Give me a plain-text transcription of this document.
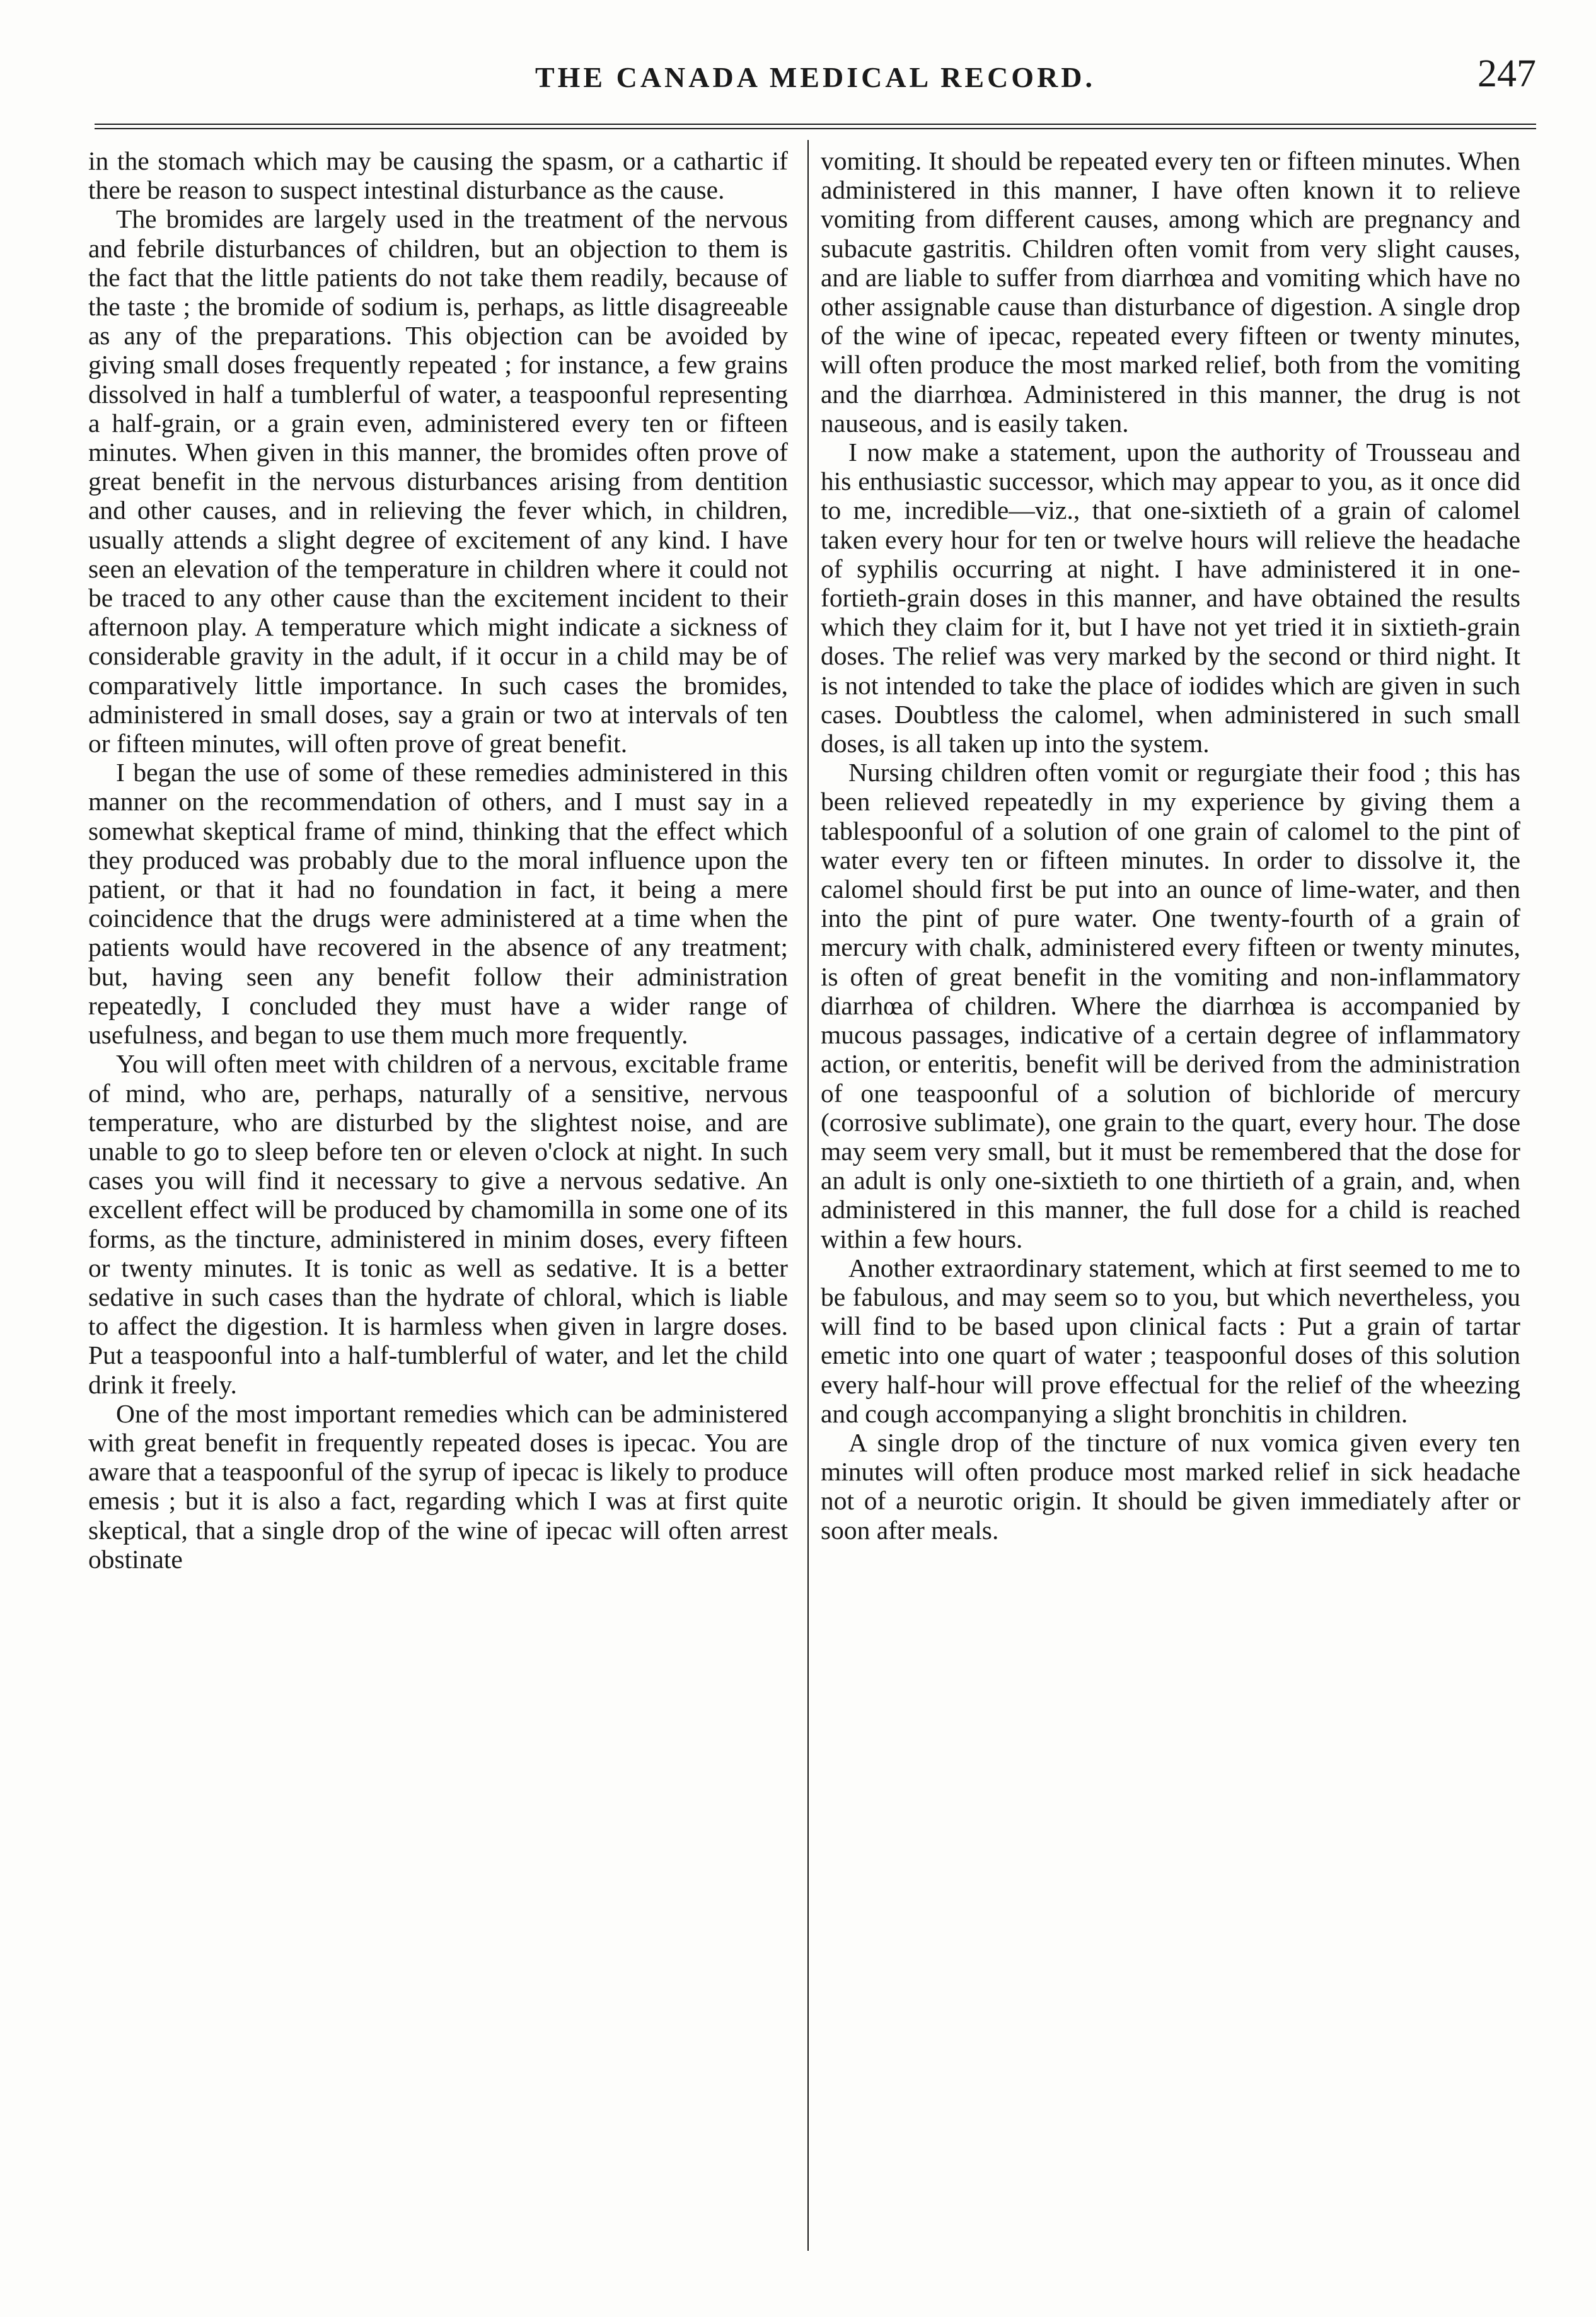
THE CANADA MEDICAL RECORD.	247

in the stomach which may be causing the spasm, or a cathartic if there be reason to suspect intestinal disturbance as the cause.

The bromides are largely used in the treatment of the nervous and febrile disturbances of children, but an objection to them is the fact that the little patients do not take them readily, because of the taste ; the bromide of sodium is, perhaps, as little disagreeable as any of the preparations. This objection can be avoided by giving small doses frequently repeated ; for instance, a few grains dissolved in half a tumblerful of water, a teaspoonful representing a half-grain, or a grain even, administered every ten or fifteen minutes. When given in this manner, the bromides often prove of great benefit in the nervous disturbances arising from dentition and other causes, and in relieving the fever which, in children, usually attends a slight degree of excitement of any kind. I have seen an elevation of the temperature in children where it could not be traced to any other cause than the excitement incident to their afternoon play. A temperature which might indicate a sickness of considerable gravity in the adult, if it occur in a child may be of comparatively little importance. In such cases the bromides, administered in small doses, say a grain or two at intervals of ten or fifteen minutes, will often prove of great benefit.

I began the use of some of these remedies administered in this manner on the recommendation of others, and I must say in a somewhat skeptical frame of mind, thinking that the effect which they produced was probably due to the moral influence upon the patient, or that it had no foundation in fact, it being a mere coincidence that the drugs were administered at a time when the patients would have recovered in the absence of any treatment; but, having seen any benefit follow their administration repeatedly, I concluded they must have a wider range of usefulness, and began to use them much more frequently.

You will often meet with children of a nervous, excitable frame of mind, who are, perhaps, naturally of a sensitive, nervous temperature, who are disturbed by the slightest noise, and are unable to go to sleep before ten or eleven o'clock at night. In such cases you will find it necessary to give a nervous sedative. An excellent effect will be produced by chamomilla in some one of its forms, as the tincture, administered in minim doses, every fifteen or twenty minutes. It is tonic as well as sedative. It is a better sedative in such cases than the hydrate of chloral, which is liable to affect the digestion. It is harmless when given in largre doses. Put a teaspoonful into a half-tumblerful of water, and let the child drink it freely.

One of the most important remedies which can be administered with great benefit in frequently repeated doses is ipecac. You are aware that a teaspoonful of the syrup of ipecac is likely to produce emesis ; but it is also a fact, regarding which I was at first quite skeptical, that a single drop of the wine of ipecac will often arrest obstinate

vomiting. It should be repeated every ten or fifteen minutes. When administered in this manner, I have often known it to relieve vomiting from different causes, among which are pregnancy and subacute gastritis. Children often vomit from very slight causes, and are liable to suffer from diarrhœa and vomiting which have no other assignable cause than disturbance of digestion. A single drop of the wine of ipecac, repeated every fifteen or twenty minutes, will often produce the most marked relief, both from the vomiting and the diarrhœa. Administered in this manner, the drug is not nauseous, and is easily taken.

I now make a statement, upon the authority of Trousseau and his enthusiastic successor, which may appear to you, as it once did to me, incredible—viz., that one-sixtieth of a grain of calomel taken every hour for ten or twelve hours will relieve the headache of syphilis occurring at night. I have administered it in one-fortieth-grain doses in this manner, and have obtained the results which they claim for it, but I have not yet tried it in sixtieth-grain doses. The relief was very marked by the second or third night. It is not intended to take the place of iodides which are given in such cases. Doubtless the calomel, when administered in such small doses, is all taken up into the system.

Nursing children often vomit or regurgiate their food ; this has been relieved repeatedly in my experience by giving them a tablespoonful of a solution of one grain of calomel to the pint of water every ten or fifteen minutes. In order to dissolve it, the calomel should first be put into an ounce of lime-water, and then into the pint of pure water. One twenty-fourth of a grain of mercury with chalk, administered every fifteen or twenty minutes, is often of great benefit in the vomiting and non-inflammatory diarrhœa of children. Where the diarrhœa is accompanied by mucous passages, indicative of a certain degree of inflammatory action, or enteritis, benefit will be derived from the administration of one teaspoonful of a solution of bichloride of mercury (corrosive sublimate), one grain to the quart, every hour. The dose may seem very small, but it must be remembered that the dose for an adult is only one-sixtieth to one thirtieth of a grain, and, when administered in this manner, the full dose for a child is reached within a few hours.

Another extraordinary statement, which at first seemed to me to be fabulous, and may seem so to you, but which nevertheless, you will find to be based upon clinical facts : Put a grain of tartar emetic into one quart of water ; teaspoonful doses of this solution every half-hour will prove effectual for the relief of the wheezing and cough accompanying a slight bronchitis in children.

A single drop of the tincture of nux vomica given every ten minutes will often produce most marked relief in sick headache not of a neurotic origin. It should be given immediately after or soon after meals.
